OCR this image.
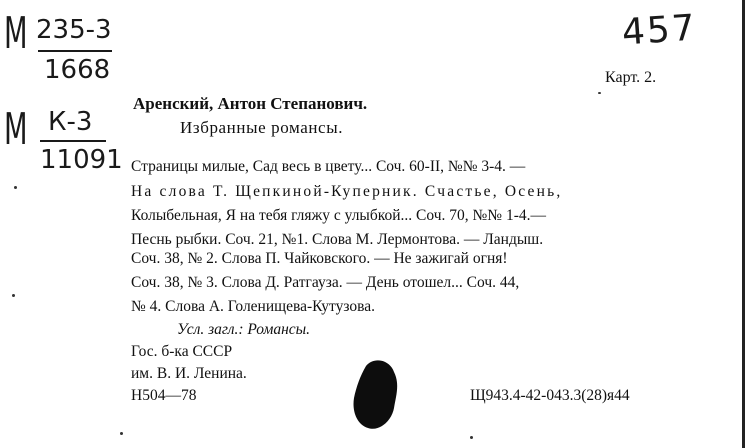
М 235-3
1668
М К-3
11091
457
Карт. 2.
Аренский, Антон Степанович.
Избранные романсы.
Страницы милые, Сад весь в цвету... Соч. 60-II, №№ 3-4. —
На слова Т. Щепкиной-Куперник. Счастье, Осень,
Колыбельная, Я на тебя гляжу с улыбкой... Соч. 70, №№ 1-4.—
Песнь рыбки. Соч. 21, №1. Слова М. Лермонтова. — Ландыш.
Соч. 38, № 2. Слова П. Чайковского. — Не зажигай огня!
Соч. 38, № 3. Слова Д. Ратгауза. — День отошел... Соч. 44,
№ 4. Слова А. Голенищева-Кутузова.
Усл. загл.: Романсы.
Гос. б-ка СССР
им. В. И. Ленина.
Н504—78	Щ943.4-42-043.3(28)я44
